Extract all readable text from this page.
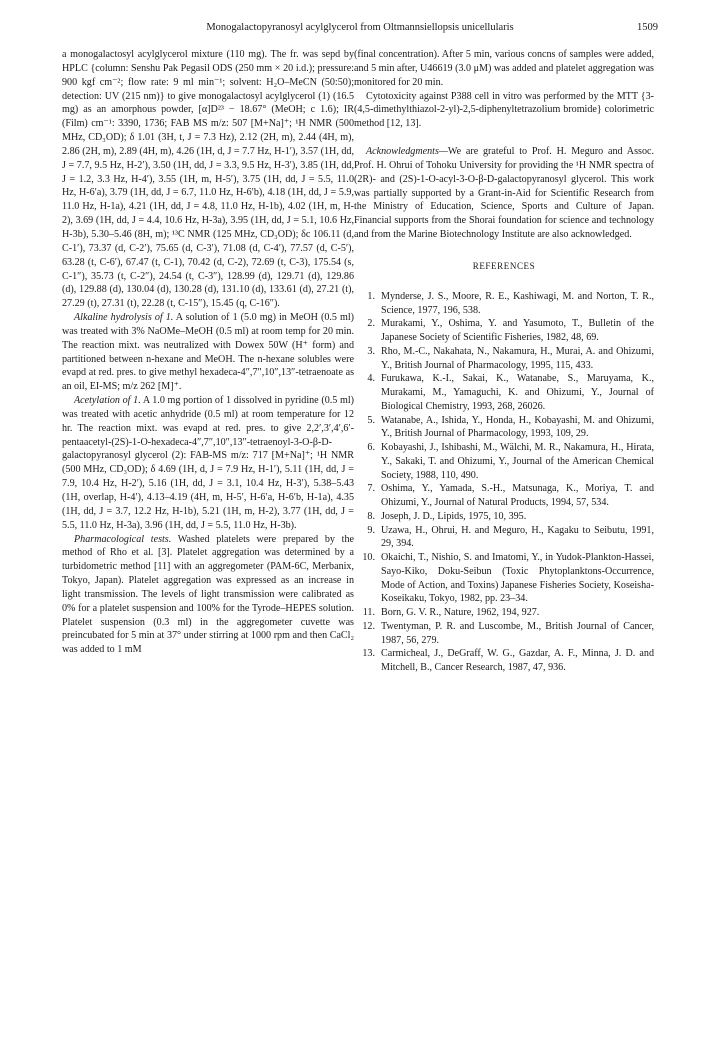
Monogalactopyranosyl acylglycerol from Oltmannsiellopsis unicellularis	1509

a monogalactosyl acylglycerol mixture (110 mg). The fr. was sepd by HPLC {column: Senshu Pak Pegasil ODS (250 mm × 20 i.d.); pressure: 900 kgf cm⁻²; flow rate: 9 ml min⁻¹; solvent: H₂O–MeCN (50:50); detection: UV (215 nm)} to give monogalactosyl acylglycerol (1) (16.5 mg) as an amorphous powder, [α]D²³ − 18.67° (MeOH; c 1.6); IR (Film) cm⁻¹: 3390, 1736; FAB MS m/z: 507 [M+Na]⁺; ¹H NMR (500 MHz, CD₃OD); δ 1.01 (3H, t, J = 7.3 Hz), 2.12 (2H, m), 2.44 (4H, m), 2.86 (2H, m), 2.89 (4H, m), 4.26 (1H, d, J = 7.7 Hz, H-1′), 3.57 (1H, dd, J = 7.7, 9.5 Hz, H-2′), 3.50 (1H, dd, J = 3.3, 9.5 Hz, H-3′), 3.85 (1H, dd, J = 1.2, 3.3 Hz, H-4′), 3.55 (1H, m, H-5′), 3.75 (1H, dd, J = 5.5, 11.0 Hz, H-6′a), 3.79 (1H, dd, J = 6.7, 11.0 Hz, H-6′b), 4.18 (1H, dd, J = 5.9, 11.0 Hz, H-1a), 4.21 (1H, dd, J = 4.8, 11.0 Hz, H-1b), 4.02 (1H, m, H-2), 3.69 (1H, dd, J = 4.4, 10.6 Hz, H-3a), 3.95 (1H, dd, J = 5.1, 10.6 Hz, H-3b), 5.30–5.46 (8H, m); ¹³C NMR (125 MHz, CD₃OD); δc 106.11 (d, C-1′), 73.37 (d, C-2′), 75.65 (d, C-3′), 71.08 (d, C-4′), 77.57 (d, C-5′), 63.28 (t, C-6′), 67.47 (t, C-1), 70.42 (d, C-2), 72.69 (t, C-3), 175.54 (s, C-1″), 35.73 (t, C-2″), 24.54 (t, C-3″), 128.99 (d), 129.71 (d), 129.86 (d), 129.88 (d), 130.04 (d), 130.28 (d), 131.10 (d), 133.61 (d), 27.21 (t), 27.29 (t), 27.31 (t), 22.28 (t, C-15″), 15.45 (q, C-16″).

Alkaline hydrolysis of 1. A solution of 1 (5.0 mg) in MeOH (0.5 ml) was treated with 3% NaOMe–MeOH (0.5 ml) at room temp for 20 min. The reaction mixt. was neutralized with Dowex 50W (H⁺ form) and partitioned between n-hexane and MeOH. The n-hexane solubles were evapd at red. pres. to give methyl hexadeca-4″,7″,10″,13″-tetraenoate as an oil, EI-MS; m/z 262 [M]⁺.

Acetylation of 1. A 1.0 mg portion of 1 dissolved in pyridine (0.5 ml) was treated with acetic anhydride (0.5 ml) at room temperature for 12 hr. The reaction mixt. was evapd at red. pres. to give 2,2′,3′,4′,6′-pentaacetyl-(2S)-1-O-hexadeca-4″,7″,10″,13″-tetraenoyl-3-O-β-D-galactopyranosyl glycerol (2): FAB-MS m/z: 717 [M+Na]⁺; ¹H NMR (500 MHz, CD₃OD); δ 4.69 (1H, d, J = 7.9 Hz, H-1′), 5.11 (1H, dd, J = 7.9, 10.4 Hz, H-2′), 5.16 (1H, dd, J = 3.1, 10.4 Hz, H-3′), 5.38–5.43 (1H, overlap, H-4′), 4.13–4.19 (4H, m, H-5′, H-6′a, H-6′b, H-1a), 4.35 (1H, dd, J = 3.7, 12.2 Hz, H-1b), 5.21 (1H, m, H-2), 3.77 (1H, dd, J = 5.5, 11.0 Hz, H-3a), 3.96 (1H, dd, J = 5.5, 11.0 Hz, H-3b).

Pharmacological tests. Washed platelets were prepared by the method of Rho et al. [3]. Platelet aggregation was determined by a turbidometric method [11] with an aggregometer (PAM-6C, Merbanix, Tokyo, Japan). Platelet aggregation was expressed as an increase in light transmission. The levels of light transmission were calibrated as 0% for a platelet suspension and 100% for the Tyrode–HEPES solution. Platelet suspension (0.3 ml) in the aggregometer cuvette was preincubated for 5 min at 37° under stirring at 1000 rpm and then CaCl₂ was added to 1 mM

(final concentration). After 5 min, various concns of samples were added, and 5 min after, U46619 (3.0 μM) was added and platelet aggregation was monitored for 20 min.

Cytotoxicity against P388 cell in vitro was performed by the MTT {3-(4,5-dimethylthiazol-2-yl)-2,5-diphenyltetrazolium bromide} colorimetric method [12, 13].

Acknowledgments—We are grateful to Prof. H. Meguro and Assoc. Prof. H. Ohrui of Tohoku University for providing the ¹H NMR spectra of (2R)- and (2S)-1-O-acyl-3-O-β-D-galactopyranosyl glycerol. This work was partially supported by a Grant-in-Aid for Scientific Research from the Ministry of Education, Science, Sports and Culture of Japan. Financial supports from the Shorai foundation for science and technology and from the Marine Biotechnology Institute are also acknowledged.

REFERENCES
1. Mynderse, J. S., Moore, R. E., Kashiwagi, M. and Norton, T. R., Science, 1977, 196, 538.
2. Murakami, Y., Oshima, Y. and Yasumoto, T., Bulletin of the Japanese Society of Scientific Fisheries, 1982, 48, 69.
3. Rho, M.-C., Nakahata, N., Nakamura, H., Murai, A. and Ohizumi, Y., British Journal of Pharmacology, 1995, 115, 433.
4. Furukawa, K.-I., Sakai, K., Watanabe, S., Maruyama, K., Murakami, M., Yamaguchi, K. and Ohizumi, Y., Journal of Biological Chemistry, 1993, 268, 26026.
5. Watanabe, A., Ishida, Y., Honda, H., Kobayashi, M. and Ohizumi, Y., British Journal of Pharmacology, 1993, 109, 29.
6. Kobayashi, J., Ishibashi, M., Wälchi, M. R., Nakamura, H., Hirata, Y., Sakaki, T. and Ohizumi, Y., Journal of the American Chemical Society, 1988, 110, 490.
7. Oshima, Y., Yamada, S.-H., Matsunaga, K., Moriya, T. and Ohizumi, Y., Journal of Natural Products, 1994, 57, 534.
8. Joseph, J. D., Lipids, 1975, 10, 395.
9. Uzawa, H., Ohrui, H. and Meguro, H., Kagaku to Seibutu, 1991, 29, 394.
10. Okaichi, T., Nishio, S. and Imatomi, Y., in Yudok-Plankton-Hassei, Sayo-Kiko, Doku-Seibun (Toxic Phytoplanktons-Occurrence, Mode of Action, and Toxins) Japanese Fisheries Society, Koseisha-Koseikaku, Tokyo, 1982, pp. 23–34.
11. Born, G. V. R., Nature, 1962, 194, 927.
12. Twentyman, P. R. and Luscombe, M., British Journal of Cancer, 1987, 56, 279.
13. Carmicheal, J., DeGraff, W. G., Gazdar, A. F., Minna, J. D. and Mitchell, B., Cancer Research, 1987, 47, 936.
